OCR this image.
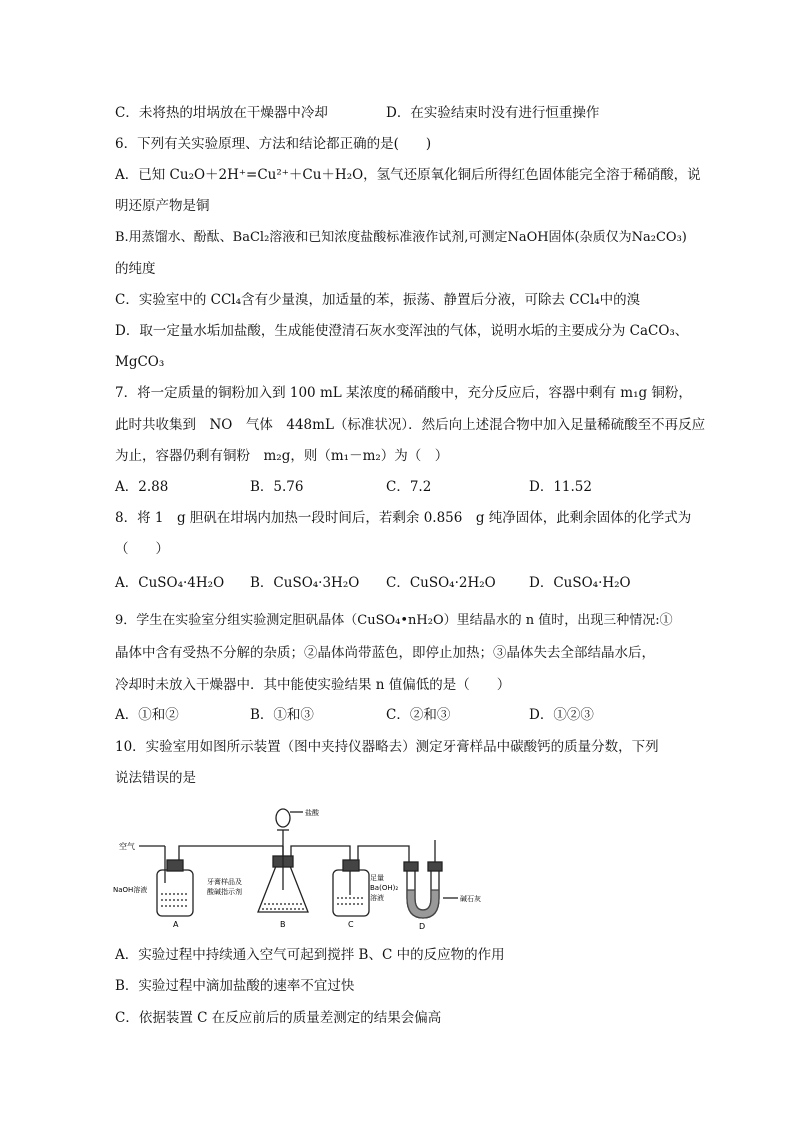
C．未将热的坩埚放在干燥器中冷却	D．在实验结束时没有进行恒重操作
6．下列有关实验原理、方法和结论都正确的是(　　)
A．已知 Cu₂O＋2H⁺=Cu²⁺＋Cu＋H₂O，氢气还原氧化铜后所得红色固体能完全溶于稀硝酸，说
明还原产物是铜
B.用蒸馏水、酚酞、BaCl₂溶液和已知浓度盐酸标准液作试剂,可测定NaOH固体(杂质仅为Na₂CO₃)
的纯度
C．实验室中的 CCl₄含有少量溴，加适量的苯，振荡、静置后分液，可除去 CCl₄中的溴
D．取一定量水垢加盐酸，生成能使澄清石灰水变浑浊的气体，说明水垢的主要成分为 CaCO₃、
MgCO₃
7．将一定质量的铜粉加入到 100 mL 某浓度的稀硝酸中，充分反应后，容器中剩有 m₁g 铜粉，
此时共收集到　NO　气体　448mL（标准状况）．然后向上述混合物中加入足量稀硫酸至不再反应
为止，容器仍剩有铜粉　m₂g，则（m₁－m₂）为（　）
A．2.88	B．5.76	C．7.2	D．11.52
8．将 1　g 胆矾在坩埚内加热一段时间后，若剩余 0.856　g 纯净固体，此剩余固体的化学式为
（　　）
A．CuSO₄·4H₂O B．CuSO₄·3H₂O C．CuSO₄·2H₂O D．CuSO₄·H₂O
9．学生在实验室分组实验测定胆矾晶体（CuSO₄•nH₂O）里结晶水的 n 值时，出现三种情况:①
晶体中含有受热不分解的杂质；②晶体尚带蓝色，即停止加热；③晶体失去全部结晶水后，
冷却时未放入干燥器中．其中能使实验结果 n 值偏低的是（　　）
A．①和②	B．①和③	C．②和③	D．①②③
10．实验室用如图所示装置（图中夹持仪器略去）测定牙膏样品中碳酸钙的质量分数，下列
说法错误的是
空气
NaOH溶液
牙膏样品及
酸碱指示剂
盐酸
足量
Ba(OH)₂
溶液	碱石灰
A	B	C	D
A．实验过程中持续通入空气可起到搅拌 B、C 中的反应物的作用
B．实验过程中滴加盐酸的速率不宜过快
C．依据装置 C 在反应前后的质量差测定的结果会偏高
